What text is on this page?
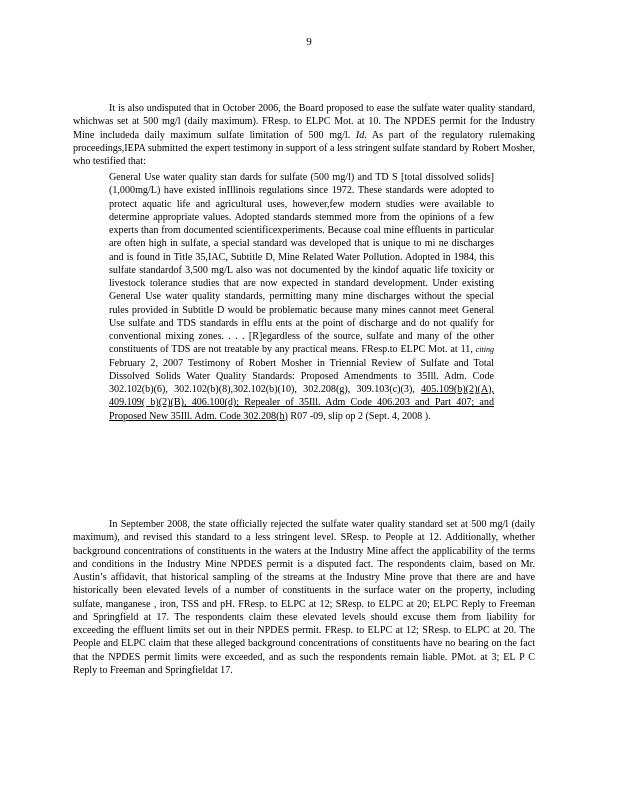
9

It is also undisputed that in October 2006, the Board proposed to ease the sulfate water quality standard, whichwas set at 500 mg/l (daily maximum). FResp. to ELPC Mot. at 10. The NPDES permit for the Industry Mine includeda daily maximum sulfate limitation of 500 mg/l. Id. As part of the regulatory rulemaking proceedings,IEPA submitted the expert testimony in support of a less stringent sulfate standard by Robert Mosher, who testified that:

General Use water quality stan dards for sulfate (500 mg/l) and TD S [total dissolved solids] (1,000mg/L) have existed inIllinois regulations since 1972. These standards were adopted to protect aquatic life and agricultural uses, however,few modern studies were available to determine appropriate values. Adopted standards stemmed more from the opinions of a few experts than from documented scientificexperiments. Because coal mine effluents in particular are often high in sulfate, a special standard was developed that is unique to mi ne discharges and is found in Title 35,IAC, Subtitle D, Mine Related Water Pollution. Adopted in 1984, this sulfate standardof 3,500 mg/L also was not documented by the kindof aquatic life toxicity or livestock tolerance studies that are now expected in standard development. Under existing General Use water quality standards, permitting many mine discharges without the special rules provided in Subtitle D would be problematic because many mines cannot meet General Use sulfate and TDS standards in efflu ents at the point of discharge and do not qualify for conventional mixing zones. . . . [R]egardless of the source, sulfate and many of the other constituents of TDS are not treatable by any practical means. FResp.to ELPC Mot. at 11, citing February 2, 2007 Testimony of Robert Mosher in Triennial Review of Sulfate and Total Dissolved Solids Water Quality Standards: Proposed Amendments to 35Ill. Adm. Code 302.102(b)(6), 302.102(b)(8),302.102(b)(10), 302.208(g), 309.103(c)(3), 405.109(b)(2)(A), 409.109( b)(2)(B), 406.100(d); Repealer of 35Ill. Adm Code 406.203 and Part 407; and Proposed New 35Ill. Adm. Code 302.208(h) R07 -09, slip op 2 (Sept. 4, 2008 ).

In September 2008, the state officially rejected the sulfate water quality standard set at 500 mg/l (daily maximum), and revised this standard to a less stringent level. SResp. to People at 12. Additionally, whether background concentrations of constituents in the waters at the Industry Mine affect the applicability of the terms and conditions in the Industry Mine NPDES permit is a disputed fact. The respondents claim, based on Mr. Austin’s affidavit, that historical sampling of the streams at the Industry Mine prove that there are and have historically been elevated levels of a number of constituents in the surface water on the property, including sulfate, manganese , iron, TSS and pH. FResp. to ELPC at 12; SResp. to ELPC at 20; ELPC Reply to Freeman and Springfield at 17. The respondents claim these elevated levels should excuse them from liability for exceeding the effluent limits set out in their NPDES permit. FResp. to ELPC at 12; SResp. to ELPC at 20. The People and ELPC claim that these alleged background concentrations of constituents have no bearing on the fact that the NPDES permit limits were exceeded, and as such the respondents remain liable. PMot. at 3; EL P C Reply to Freeman and Springfieldat 17.
